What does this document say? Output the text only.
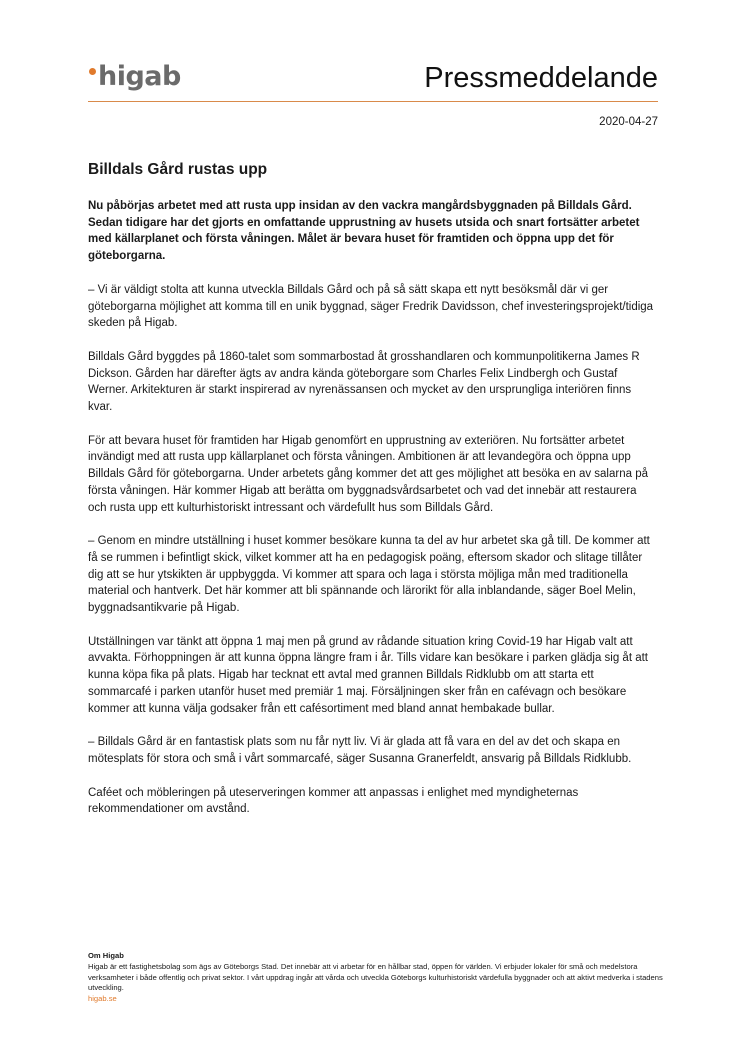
higab	Pressmeddelande
2020-04-27
Billdals Gård rustas upp

Nu påbörjas arbetet med att rusta upp insidan av den vackra mangårdsbyggnaden på Billdals Gård. Sedan tidigare har det gjorts en omfattande upprustning av husets utsida och snart fortsätter arbetet med källarplanet och första våningen. Målet är bevara huset för framtiden och öppna upp det för göteborgarna.

– Vi är väldigt stolta att kunna utveckla Billdals Gård och på så sätt skapa ett nytt besöksmål där vi ger göteborgarna möjlighet att komma till en unik byggnad, säger Fredrik Davidsson, chef investeringsprojekt/tidiga skeden på Higab.

Billdals Gård byggdes på 1860-talet som sommarbostad åt grosshandlaren och kommunpolitikerna James R Dickson. Gården har därefter ägts av andra kända göteborgare som Charles Felix Lindbergh och Gustaf Werner. Arkitekturen är starkt inspirerad av nyrenässansen och mycket av den ursprungliga interiören finns kvar.

För att bevara huset för framtiden har Higab genomfört en upprustning av exteriören. Nu fortsätter arbetet invändigt med att rusta upp källarplanet och första våningen. Ambitionen är att levandegöra och öppna upp Billdals Gård för göteborgarna. Under arbetets gång kommer det att ges möjlighet att besöka en av salarna på första våningen. Här kommer Higab att berätta om byggnadsvårdsarbetet och vad det innebär att restaurera och rusta upp ett kulturhistoriskt intressant och värdefullt hus som Billdals Gård.

– Genom en mindre utställning i huset kommer besökare kunna ta del av hur arbetet ska gå till. De kommer att få se rummen i befintligt skick, vilket kommer att ha en pedagogisk poäng, eftersom skador och slitage tillåter dig att se hur ytskikten är uppbyggda. Vi kommer att spara och laga i största möjliga mån med traditionella material och hantverk. Det här kommer att bli spännande och lärorikt för alla inblandande, säger Boel Melin, byggnadsantikvarie på Higab.

Utställningen var tänkt att öppna 1 maj men på grund av rådande situation kring Covid-19 har Higab valt att avvakta. Förhoppningen är att kunna öppna längre fram i år. Tills vidare kan besökare i parken glädja sig åt att kunna köpa fika på plats. Higab har tecknat ett avtal med grannen Billdals Ridklubb om att starta ett sommarcafé i parken utanför huset med premiär 1 maj. Försäljningen sker från en cafévagn och besökare kommer att kunna välja godsaker från ett cafésortiment med bland annat hembakade bullar.

– Billdals Gård är en fantastisk plats som nu får nytt liv. Vi är glada att få vara en del av det och skapa en mötesplats för stora och små i vårt sommarcafé, säger Susanna Granerfeldt, ansvarig på Billdals Ridklubb.

Caféet och möbleringen på uteserveringen kommer att anpassas i enlighet med myndigheternas rekommendationer om avstånd.

Om Higab
Higab är ett fastighetsbolag som ägs av Göteborgs Stad. Det innebär att vi arbetar för en hållbar stad, öppen för världen. Vi erbjuder lokaler för små och medelstora verksamheter i både offentlig och privat sektor. I vårt uppdrag ingår att vårda och utveckla Göteborgs kulturhistoriskt värdefulla byggnader och att aktivt medverka i stadens utveckling.
higab.se
